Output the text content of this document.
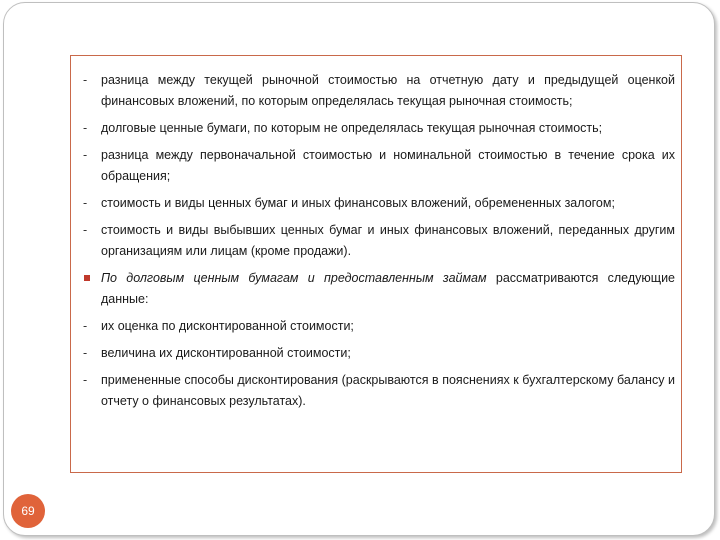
-	разница между текущей рыночной стоимостью на отчетную дату и предыдущей оценкой финансовых вложений, по которым определялась текущая рыночная стоимость;
-	долговые ценные бумаги, по которым не определялась текущая рыночная стоимость;
-	разница между первоначальной стоимостью и номинальной стоимостью в течение срока их обращения;
-	стоимость и виды ценных бумаг и иных финансовых вложений, обремененных залогом;
-	стоимость и виды выбывших ценных бумаг и иных финансовых вложений, переданных другим организациям или лицам (кроме продажи).
По долговым ценным бумагам и предоставленным займам рассматриваются следующие данные:
-	их оценка по дисконтированной стоимости;
-	величина их дисконтированной стоимости;
-	примененные способы дисконтирования (раскрываются в пояснениях к бухгалтерскому балансу и отчету о финансовых результатах).
69
